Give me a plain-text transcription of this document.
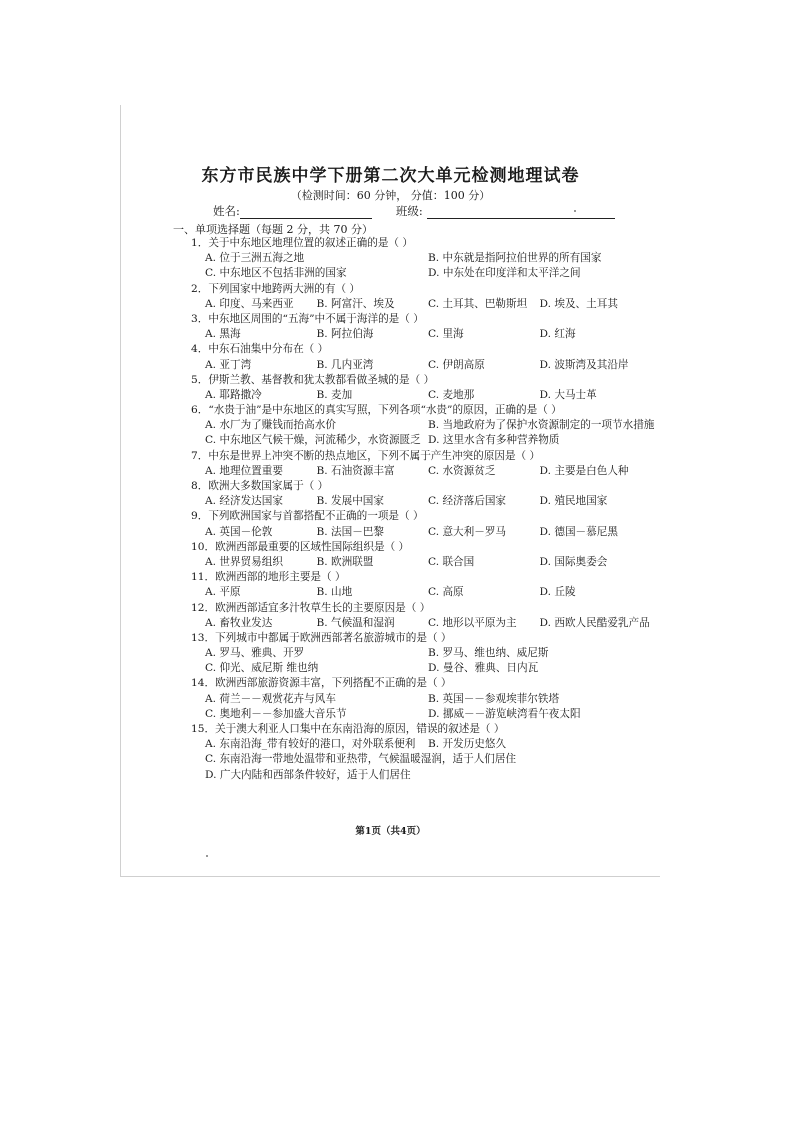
东方市民族中学下册第二次大单元检测地理试卷
（检测时间：60 分钟， 分值：100 分）
姓名:	班级:
一、单项选择题（每题 2 分，共 70 分）
1．关于中东地区地理位置的叙述正确的是（ ）
A. 位于三洲五海之地	B. 中东就是指阿拉伯世界的所有国家
C. 中东地区不包括非洲的国家	D. 中东处在印度洋和太平洋之间
2．下列国家中地跨两大洲的有（ ）
A. 印度、马来西亚	B. 阿富汗、埃及	C. 土耳其、巴勒斯坦	D. 埃及、土耳其
3．中东地区周围的“五海”中不属于海洋的是（ ）
A. 黑海	B. 阿拉伯海	C. 里海	D. 红海
4．中东石油集中分布在（ ）
A. 亚丁湾	B. 几内亚湾	C. 伊朗高原	D. 波斯湾及其沿岸
5．伊斯兰教、基督教和犹太教都看做圣城的是（ ）
A. 耶路撒冷	B. 麦加	C. 麦地那	D. 大马士革
6．“水贵于油”是中东地区的真实写照，下列各项“水贵”的原因，正确的是（ ）
A. 水厂为了赚钱而抬高水价	B. 当地政府为了保护水资源制定的一项节水措施
C. 中东地区气候干燥，河流稀少，水资源匮乏 D. 这里水含有多种营养物质
7．中东是世界上冲突不断的热点地区，下列不属于产生冲突的原因是（ ）
A. 地理位置重要	B. 石油资源丰富	C. 水资源贫乏	D. 主要是白色人种
8．欧洲大多数国家属于（ ）
A. 经济发达国家	B. 发展中国家	C. 经济落后国家	D. 殖民地国家
9．下列欧洲国家与首都搭配不正确的一项是（ ）
A. 英国－伦敦	B. 法国－巴黎	C. 意大利－罗马	D. 德国－慕尼黑
10．欧洲西部最重要的区域性国际组织是（ ）
A. 世界贸易组织	B. 欧洲联盟	C. 联合国	D. 国际奥委会
11．欧洲西部的地形主要是（ ）
A. 平原	B. 山地	C. 高原	D. 丘陵
12．欧洲西部适宜多汁牧草生长的主要原因是（ ）
A. 畜牧业发达	B. 气候温和湿润	C. 地形以平原为主	D. 西欧人民酷爱乳产品
13．下列城市中都属于欧洲西部著名旅游城市的是（ ）
A. 罗马、雅典、开罗	B. 罗马、维也纳、威尼斯
C. 仰光、威尼斯 维也纳	D. 曼谷、雅典、日内瓦
14．欧洲西部旅游资源丰富，下列搭配不正确的是（ ）
A. 荷兰－－观赏花卉与风车	B. 英国－－参观埃菲尔铁塔
C. 奥地利－－参加盛大音乐节	D. 挪威－－游览峡湾看午夜太阳
15．关于澳大利亚人口集中在东南沿海的原因，错误的叙述是（ ）
A. 东南沿海_带有较好的港口，对外联系便利	B. 开发历史悠久
C. 东南沿海一带地处温带和亚热带，气候温暖湿润，适于人们居住
D. 广大内陆和西部条件较好，适于人们居住
第1页（共4页）
